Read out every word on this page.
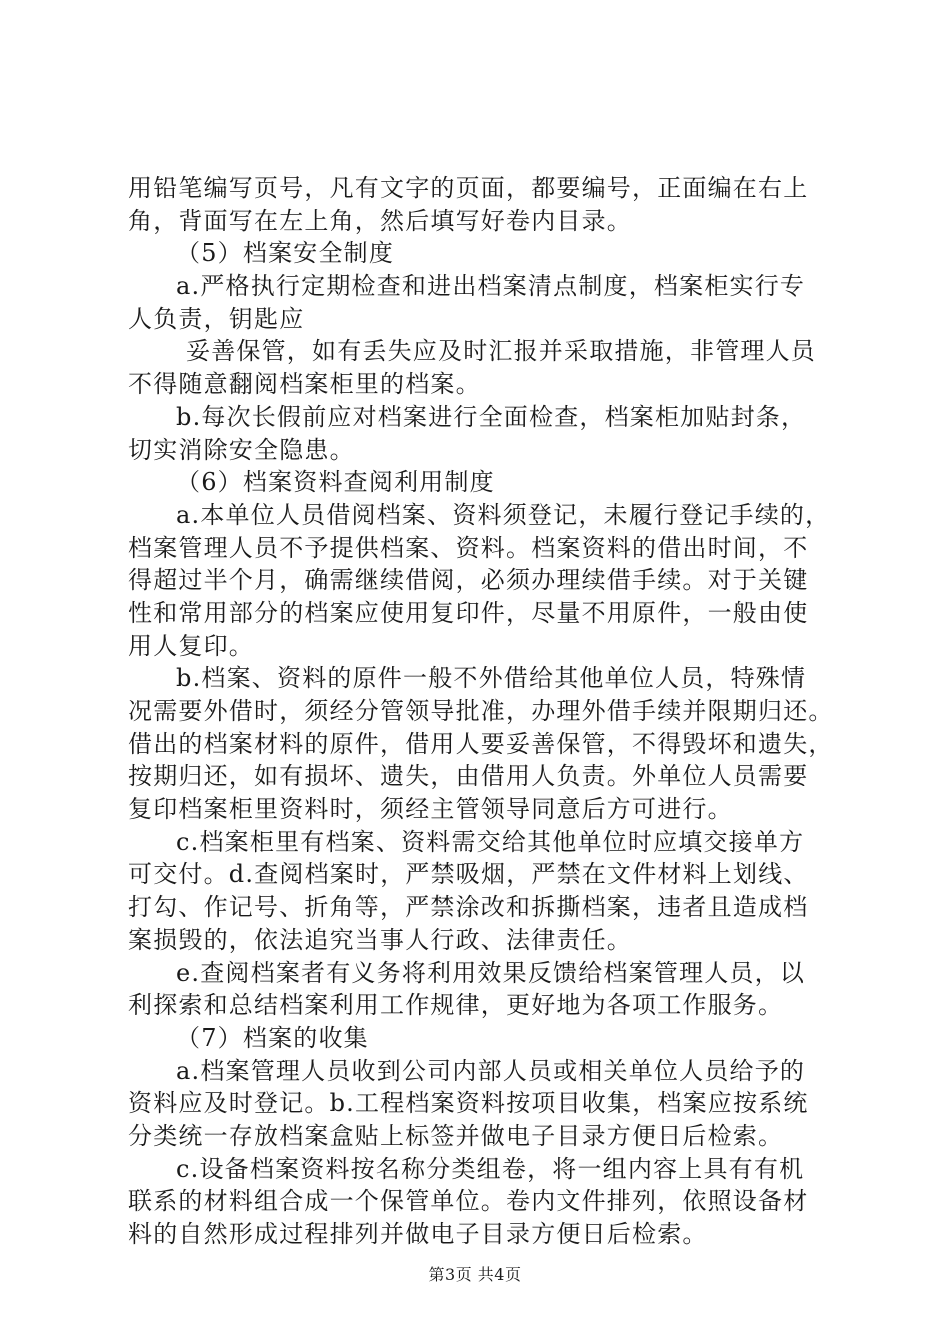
用铅笔编写页号，凡有文字的页面，都要编号，正面编在右上
角，背面写在左上角，然后填写好卷内目录。
（5）档案安全制度
a.严格执行定期检查和进出档案清点制度，档案柜实行专
人负责，钥匙应
妥善保管，如有丢失应及时汇报并采取措施，非管理人员
不得随意翻阅档案柜里的档案。
b.每次长假前应对档案进行全面检查，档案柜加贴封条，
切实消除安全隐患。
（6）档案资料查阅利用制度
a.本单位人员借阅档案、资料须登记，未履行登记手续的，
档案管理人员不予提供档案、资料。档案资料的借出时间，不
得超过半个月，确需继续借阅，必须办理续借手续。对于关键
性和常用部分的档案应使用复印件，尽量不用原件，一般由使
用人复印。
b.档案、资料的原件一般不外借给其他单位人员，特殊情
况需要外借时，须经分管领导批准，办理外借手续并限期归还。
借出的档案材料的原件，借用人要妥善保管，不得毁坏和遗失，
按期归还，如有损坏、遗失，由借用人负责。外单位人员需要
复印档案柜里资料时，须经主管领导同意后方可进行。
c.档案柜里有档案、资料需交给其他单位时应填交接单方
可交付。d.查阅档案时，严禁吸烟，严禁在文件材料上划线、
打勾、作记号、折角等，严禁涂改和拆撕档案，违者且造成档
案损毁的，依法追究当事人行政、法律责任。
e.查阅档案者有义务将利用效果反馈给档案管理人员，以
利探索和总结档案利用工作规律，更好地为各项工作服务。
（7）档案的收集
a.档案管理人员收到公司内部人员或相关单位人员给予的
资料应及时登记。b.工程档案资料按项目收集，档案应按系统
分类统一存放档案盒贴上标签并做电子目录方便日后检索。
c.设备档案资料按名称分类组卷，将一组内容上具有有机
联系的材料组合成一个保管单位。卷内文件排列，依照设备材
料的自然形成过程排列并做电子目录方便日后检索。
第3页 共4页
